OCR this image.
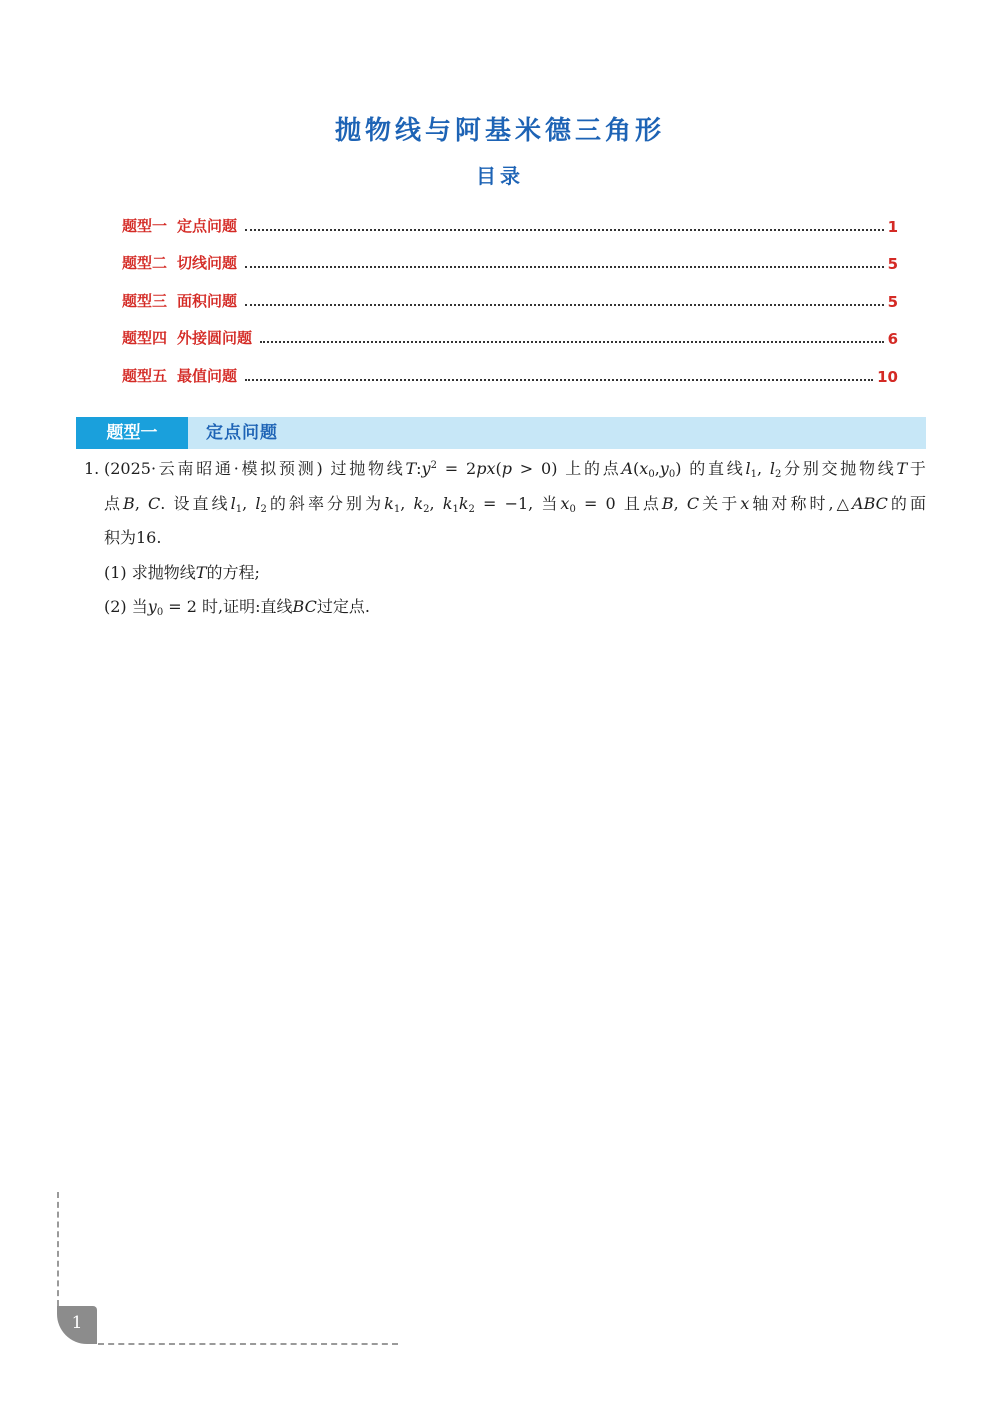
抛物线与阿基米德三角形
目录
题型一 定点问题	1
题型二 切线问题	5
题型三 面积问题	5
题型四 外接圆问题	6
题型五 最值问题	10
题型一	定点问题
1. (2025·云南昭通·模拟预测) 过抛物线$T:y^2 = 2px(p > 0)$ 上的点$A(x_0,y_0)$ 的直线$l_1$, $l_2$分别交抛物线T于

点B, C. 设直线$l_1$, $l_2$的斜率分别为$k_1$, $k_2$, $k_1k_2 = -1$, 当$x_0 = 0$ 且点B, C关于x轴对称时,△ABC的面

积为16.

(1) 求抛物线T的方程;

(2) 当$y_0 = 2$ 时,证明:直线BC过定点.

1
